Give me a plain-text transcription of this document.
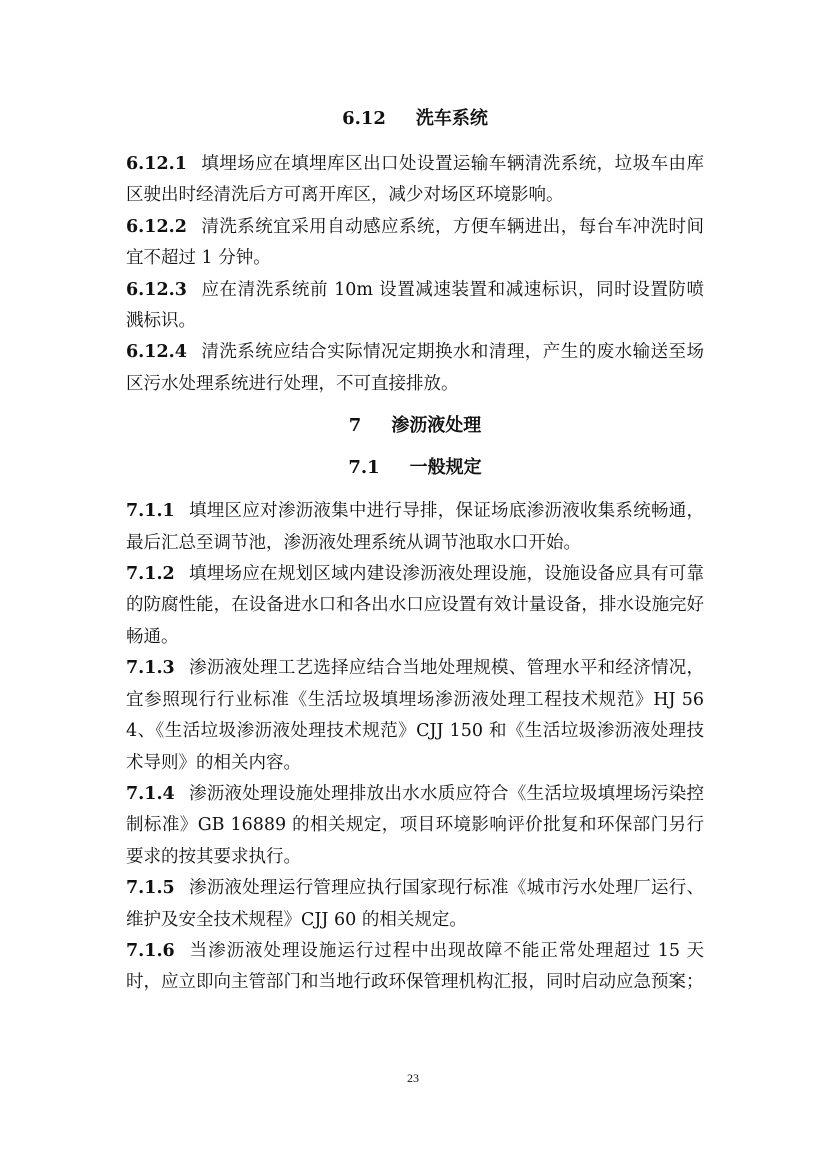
6.12 洗车系统

6.12.1 填埋场应在填埋库区出口处设置运输车辆清洗系统，垃圾车由库区驶出时经清洗后方可离开库区，减少对场区环境影响。

6.12.2 清洗系统宜采用自动感应系统，方便车辆进出，每台车冲洗时间宜不超过 1 分钟。

6.12.3 应在清洗系统前 10m 设置减速装置和减速标识，同时设置防喷溅标识。

6.12.4 清洗系统应结合实际情况定期换水和清理，产生的废水输送至场区污水处理系统进行处理，不可直接排放。

7 渗沥液处理
7.1 一般规定

7.1.1 填埋区应对渗沥液集中进行导排，保证场底渗沥液收集系统畅通，最后汇总至调节池，渗沥液处理系统从调节池取水口开始。

7.1.2 填埋场应在规划区域内建设渗沥液处理设施，设施设备应具有可靠的防腐性能，在设备进水口和各出水口应设置有效计量设备，排水设施完好畅通。

7.1.3 渗沥液处理工艺选择应结合当地处理规模、管理水平和经济情况，宜参照现行行业标准《生活垃圾填埋场渗沥液处理工程技术规范》HJ 564、《生活垃圾渗沥液处理技术规范》CJJ 150 和《生活垃圾渗沥液处理技术导则》的相关内容。

7.1.4 渗沥液处理设施处理排放出水水质应符合《生活垃圾填埋场污染控制标准》GB 16889 的相关规定，项目环境影响评价批复和环保部门另行要求的按其要求执行。

7.1.5 渗沥液处理运行管理应执行国家现行标准《城市污水处理厂运行、维护及安全技术规程》CJJ 60 的相关规定。

7.1.6 当渗沥液处理设施运行过程中出现故障不能正常处理超过 15 天时，应立即向主管部门和当地行政环保管理机构汇报，同时启动应急预案；

23
